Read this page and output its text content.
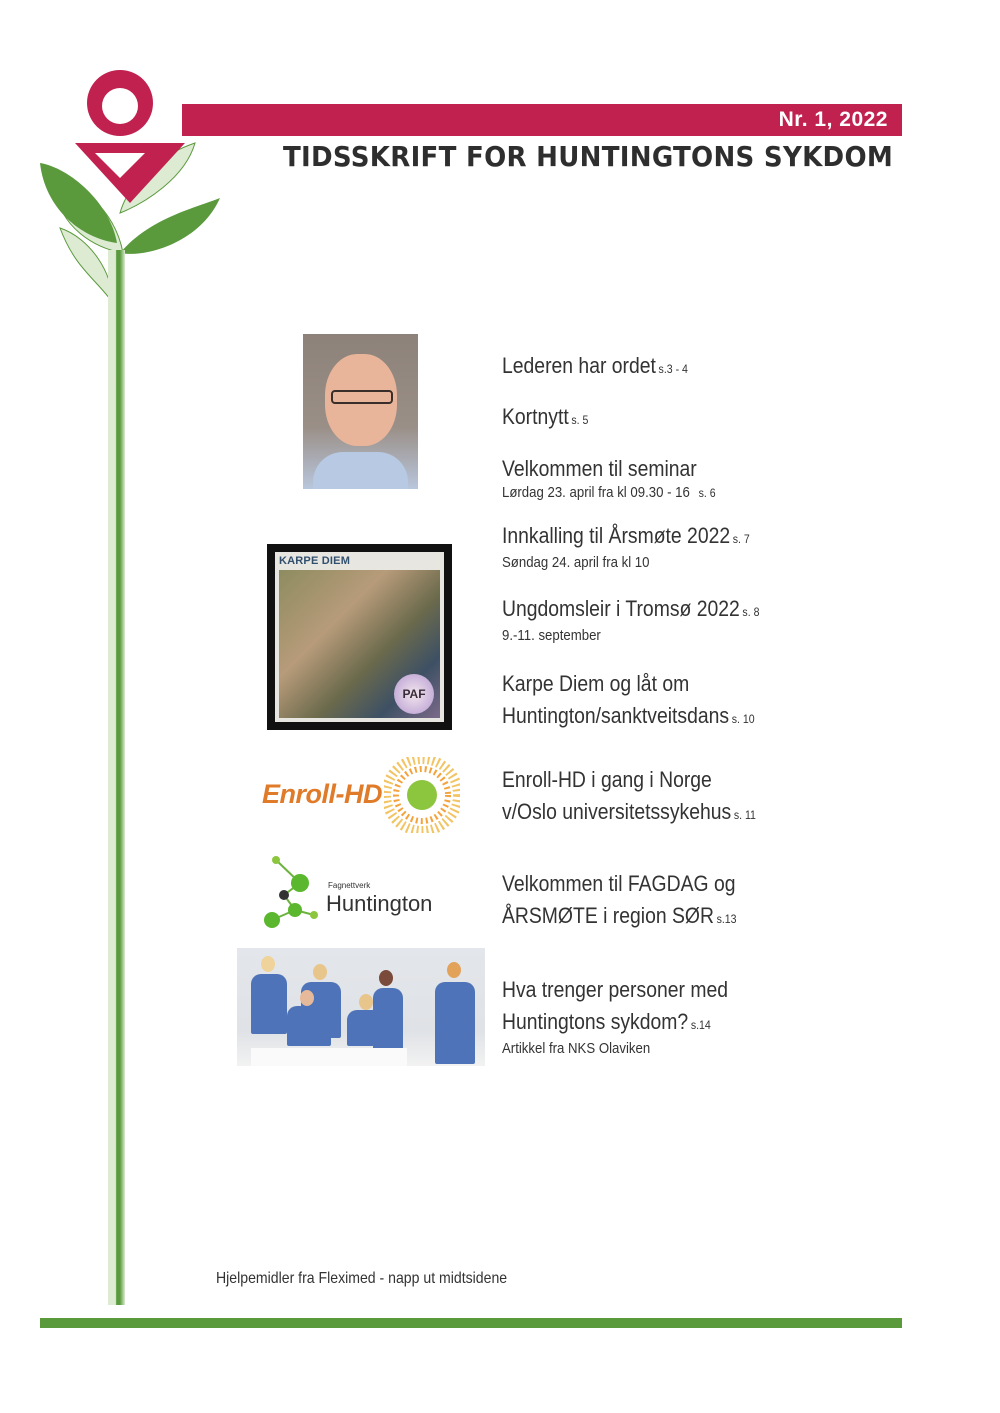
Nr. 1, 2022
TIDSSKRIFT FOR HUNTINGTONS SYKDOM
KARPE DIEM
PAF
Enroll-HD
Fagnettverk
Huntington
Lederen har ordet s.3 - 4
Kortnytt s. 5
Velkommen til seminar
Lørdag 23. april fra kl 09.30 - 16 s. 6
Innkalling til Årsmøte 2022 s. 7
Søndag 24. april fra kl 10
Ungdomsleir i Tromsø 2022 s. 8
9.-11. september
Karpe Diem og låt om
Huntington/sanktveitsdans s. 10
Enroll-HD i gang i Norge
v/Oslo universitetssykehus s. 11
Velkommen til FAGDAG og
ÅRSMØTE i region SØR s.13
Hva trenger personer med
Huntingtons sykdom? s.14
Artikkel fra NKS Olaviken
Hjelpemidler fra Fleximed - napp ut midtsidene
